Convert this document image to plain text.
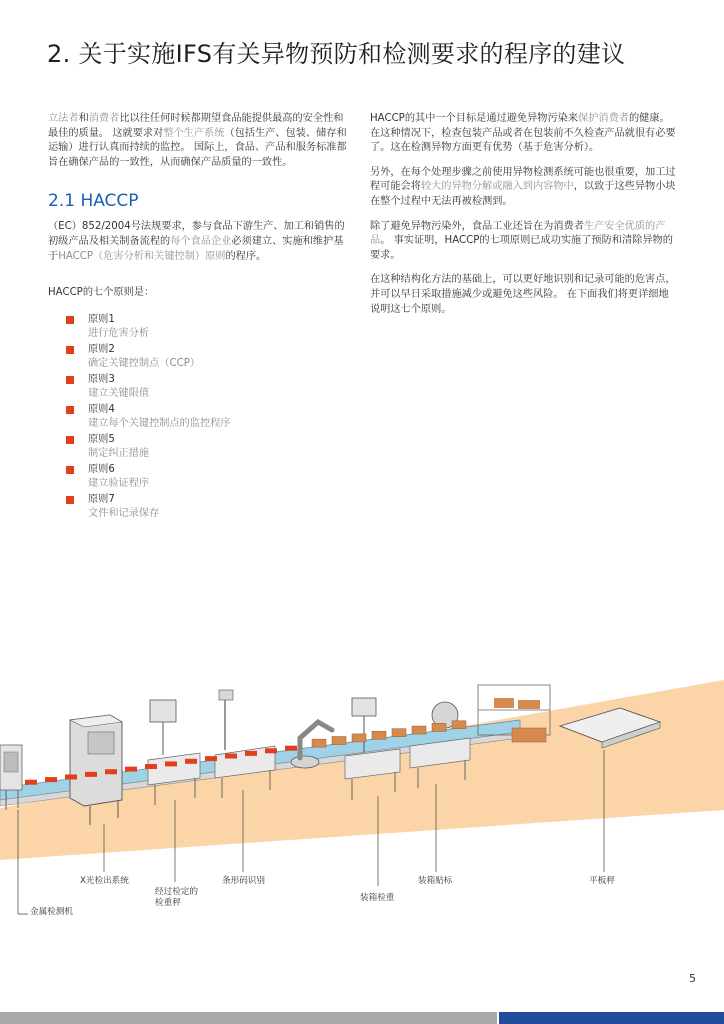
2. 关于实施IFS有关异物预防和检测要求的程序的建议

立法者和消费者比以往任何时候都期望食品能提供最高的安全性和最佳的质量。 这就要求对整个生产系统（包括生产、包装、储存和运输）进行认真而持续的监控。 国际上，食品、产品和服务标准都旨在确保产品的一致性，从而确保产品质量的一致性。

2.1 HACCP

（EC）852/2004号法规要求，参与食品下游生产、加工和销售的初级产品及相关制备流程的每个食品企业必须建立、实施和维护基于HACCP（危害分析和关键控制）原则的程序。

HACCP的七个原则是：
原则1
进行危害分析
原则2
确定关键控制点（CCP）
原则3
建立关键限值
原则4
建立每个关键控制点的监控程序
原则5
制定纠正措施
原则6
建立验证程序
原则7
文件和记录保存

HACCP的其中一个目标是通过避免异物污染来保护消费者的健康。 在这种情况下，检查包装产品或者在包装前不久检查产品就很有必要了。这在检测异物方面更有优势（基于危害分析）。

另外，在每个处理步骤之前使用异物检测系统可能也很重要，加工过程可能会将较大的异物分解或融入到内容物中，以致于这些异物小块在整个过程中无法再被检测到。

除了避免异物污染外，食品工业还旨在为消费者生产安全优质的产品。 事实证明，HACCP的七项原则已成功实施了预防和清除异物的要求。

在这种结构化方法的基础上，可以更好地识别和记录可能的危害点，并可以早日采取措施减少或避免这些风险。 在下面我们将更详细地说明这七个原则。

金属检测机
X光检出系统
经过检定的
检重秤
条形码识别
装箱检重
装箱贴标	平板秤
5
